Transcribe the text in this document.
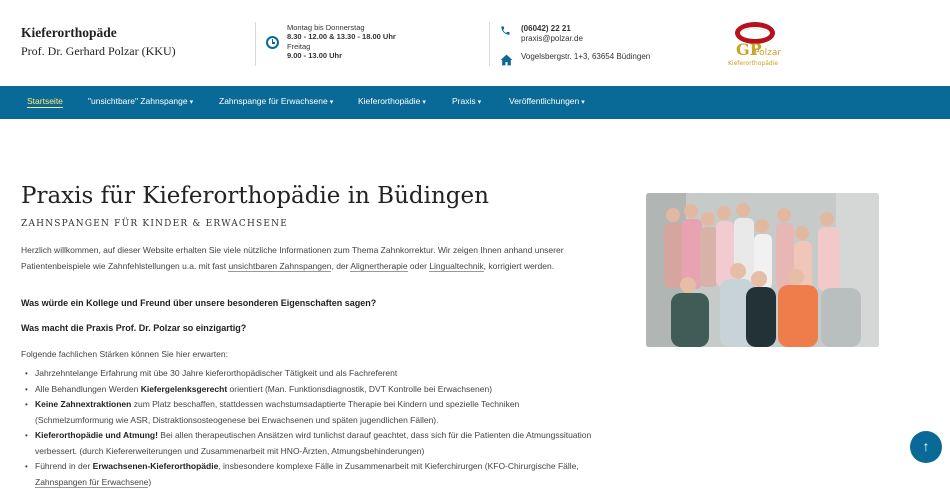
Kieferorthopäde
Prof. Dr. Gerhard Polzar (KKU)
Montag bis Donnerstag
8.30 - 12.00 & 13.30 - 18.00 Uhr
Freitag
9.00 - 13.00 Uhr
(06042) 22 21
praxis@polzar.de
Vogelsbergstr. 1+3, 63654 Büdingen	GP
Polzar
Kieferorthopädie
Startseite	"unsichtbare" Zahnspange ▾	Zahnspange für Erwachsene ▾	Kieferorthopädie ▾	Praxis ▾	Veröffentlichungen ▾
Praxis für Kieferorthopädie in Büdingen
ZAHNSPANGEN FÜR KINDER & ERWACHSENE
Herzlich willkommen, auf dieser Website erhalten Sie viele nützliche Informationen zum Thema Zahnkorrektur. Wir zeigen Ihnen anhand unserer Patientenbeispiele wie Zahnfehlstellungen u.a. mit fast unsichtbaren Zahnspangen, der Alignertherapie oder Lingualtechnik, korrigiert werden.
Was würde ein Kollege und Freund über unsere besonderen Eigenschaften sagen?
Was macht die Praxis Prof. Dr. Polzar so einzigartig?
Folgende fachlichen Stärken können Sie hier erwarten:
• Jahrzehntelange Erfahrung mit übe 30 Jahre kieferorthopädischer Tätigkeit und als Fachreferent
• Alle Behandlungen Werden Kiefergelenksgerecht orientiert (Man. Funktionsdiagnostik, DVT Kontrolle bei Erwachsenen)
• Keine Zahnextraktionen zum Platz beschaffen, stattdessen wachstumsadaptierte Therapie bei Kindern und spezielle Techniken (Schmelzumformung wie ASR, Distraktionsosteogenese bei Erwachsenen und späten jugendlichen Fällen).
• Kieferorthopädie und Atmung! Bei allen therapeutischen Ansätzen wird tunlichst darauf geachtet, dass sich für die Patienten die Atmungssituation verbessert. (durch Kiefererweiterungen und Zusammenarbeit mit HNO-Ärzten, Atmungsbehinderungen)
• Führend in der Erwachsenen-Kieferorthopädie, insbesondere komplexe Fälle in Zusammenarbeit mit Kieferchirurgen (KFO-Chirurgische Fälle, Zahnspangen für Erwachsene)
↑
